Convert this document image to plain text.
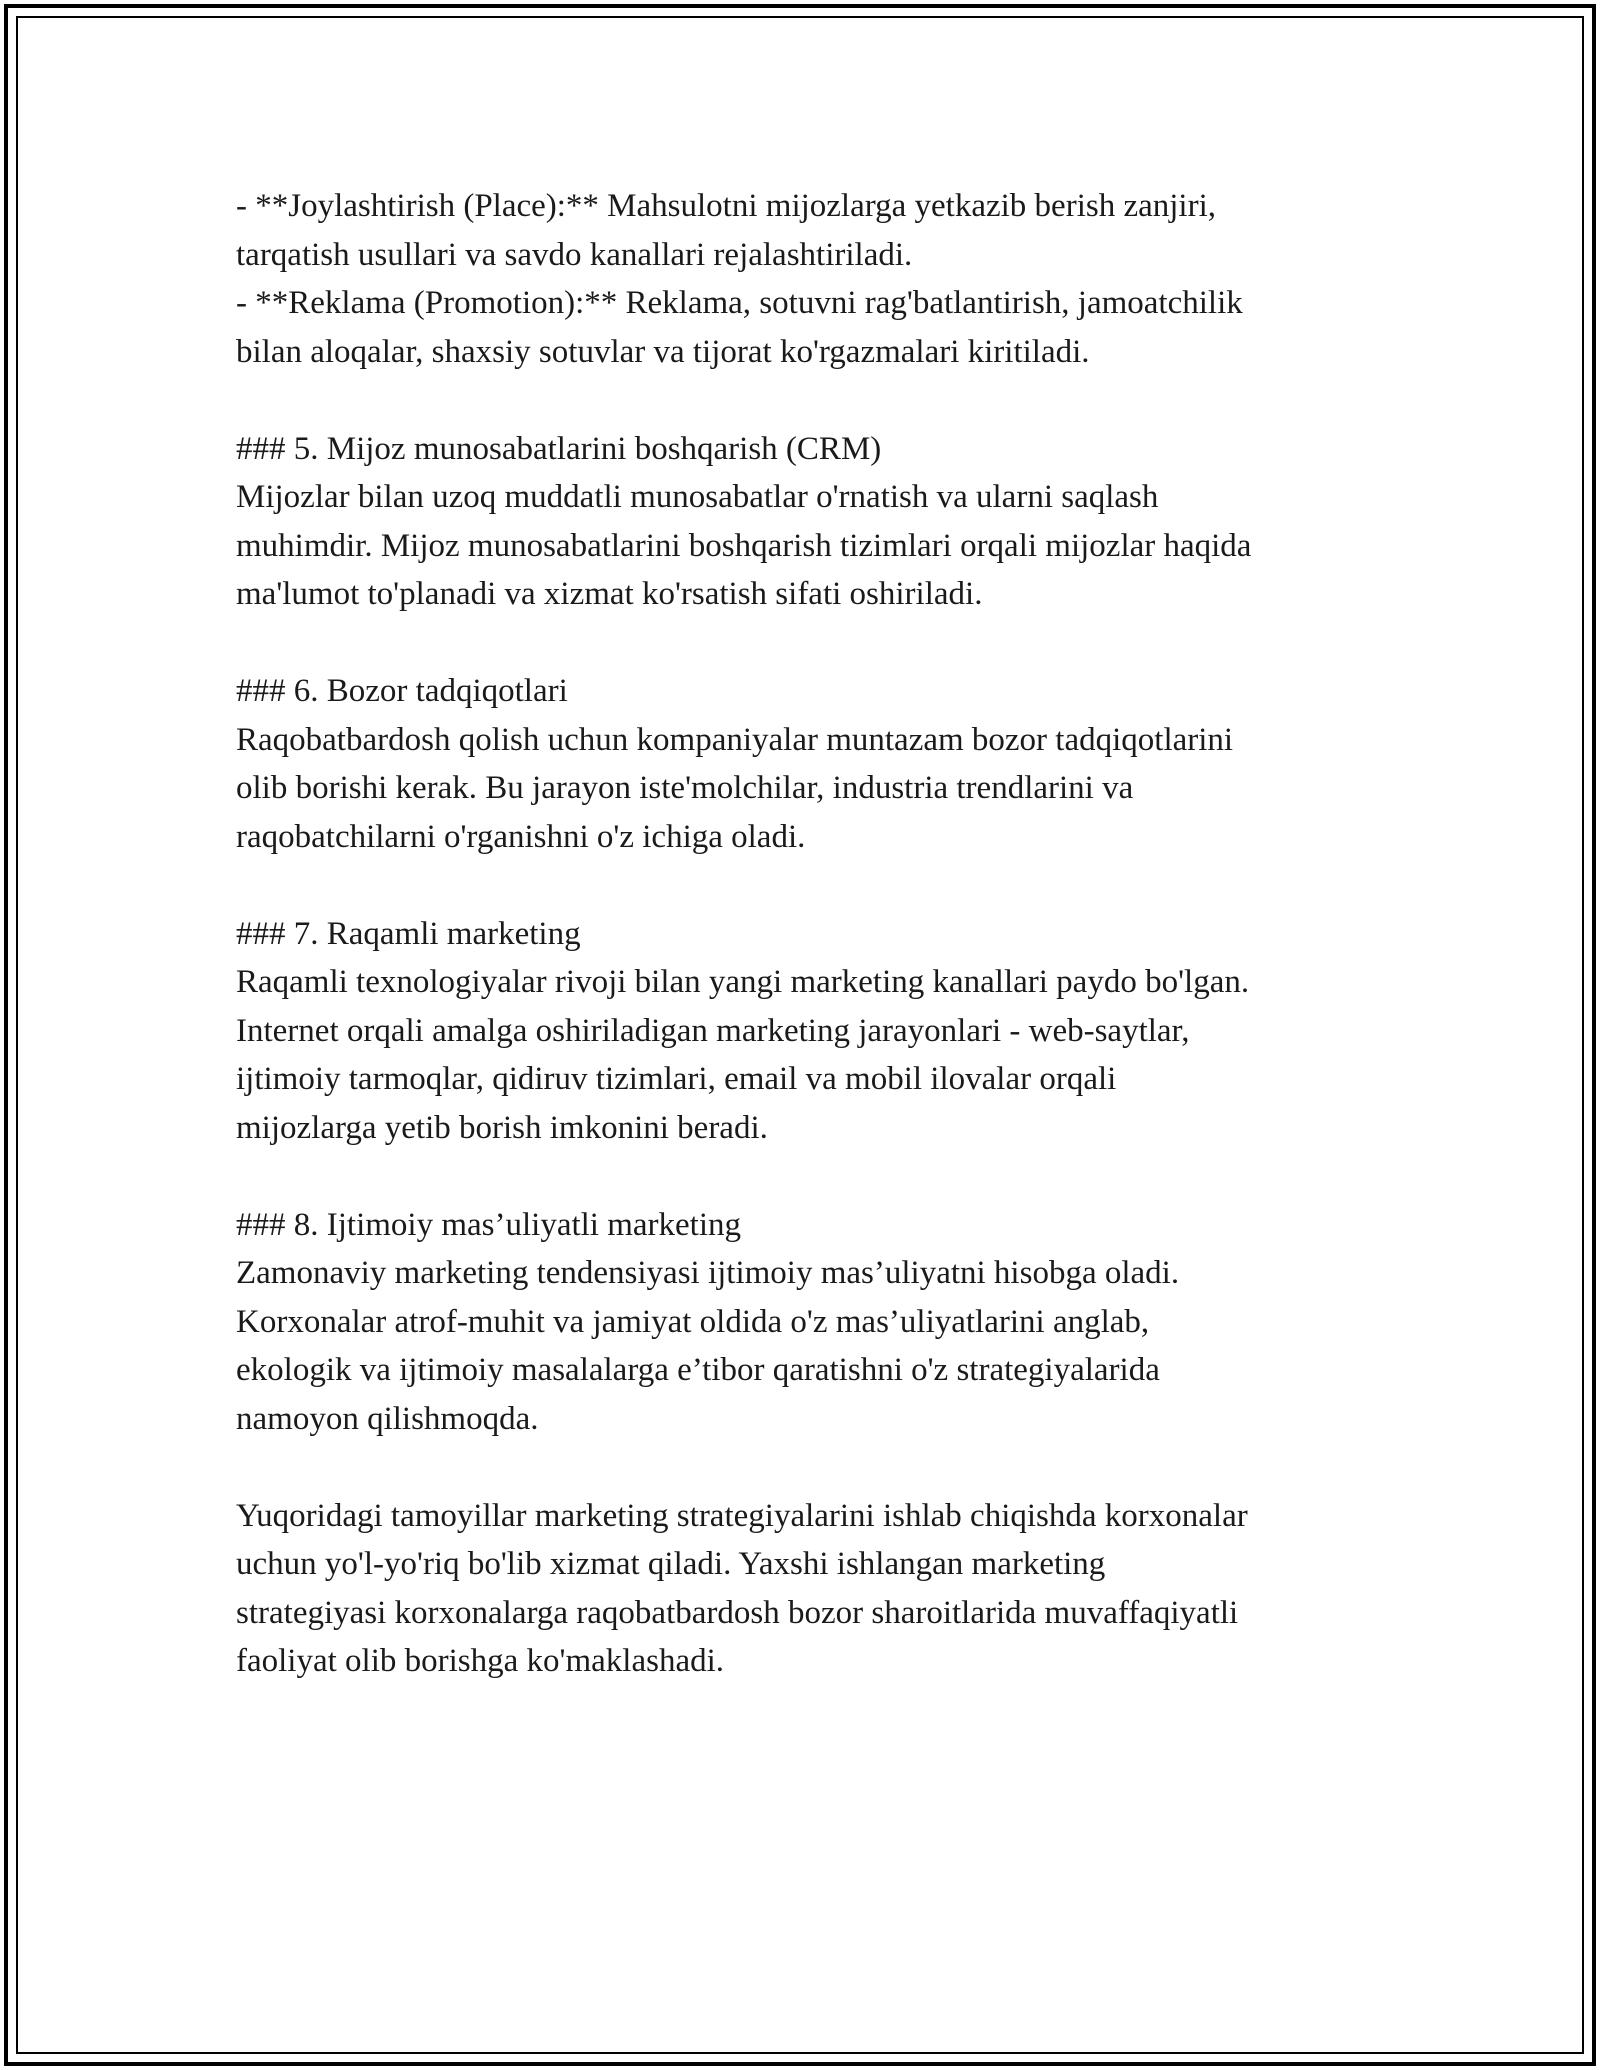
- **Joylashtirish (Place):** Mahsulotni mijozlarga yetkazib berish zanjiri,
tarqatish usullari va savdo kanallari rejalashtiriladi.
- **Reklama (Promotion):** Reklama, sotuvni rag'batlantirish, jamoatchilik
bilan aloqalar, shaxsiy sotuvlar va tijorat ko'rgazmalari kiritiladi.
### 5. Mijoz munosabatlarini boshqarish (CRM)
Mijozlar bilan uzoq muddatli munosabatlar o'rnatish va ularni saqlash
muhimdir. Mijoz munosabatlarini boshqarish tizimlari orqali mijozlar haqida
ma'lumot to'planadi va xizmat ko'rsatish sifati oshiriladi.
### 6. Bozor tadqiqotlari
Raqobatbardosh qolish uchun kompaniyalar muntazam bozor tadqiqotlarini
olib borishi kerak. Bu jarayon iste'molchilar, industria trendlarini va
raqobatchilarni o'rganishni o'z ichiga oladi.
### 7. Raqamli marketing
Raqamli texnologiyalar rivoji bilan yangi marketing kanallari paydo bo'lgan.
Internet orqali amalga oshiriladigan marketing jarayonlari - web-saytlar,
ijtimoiy tarmoqlar, qidiruv tizimlari, email va mobil ilovalar orqali
mijozlarga yetib borish imkonini beradi.
### 8. Ijtimoiy mas’uliyatli marketing
Zamonaviy marketing tendensiyasi ijtimoiy mas’uliyatni hisobga oladi.
Korxonalar atrof-muhit va jamiyat oldida o'z mas’uliyatlarini anglab,
ekologik va ijtimoiy masalalarga e’tibor qaratishni o'z strategiyalarida
namoyon qilishmoqda.
Yuqoridagi tamoyillar marketing strategiyalarini ishlab chiqishda korxonalar
uchun yo'l-yo'riq bo'lib xizmat qiladi. Yaxshi ishlangan marketing
strategiyasi korxonalarga raqobatbardosh bozor sharoitlarida muvaffaqiyatli
faoliyat olib borishga ko'maklashadi.
